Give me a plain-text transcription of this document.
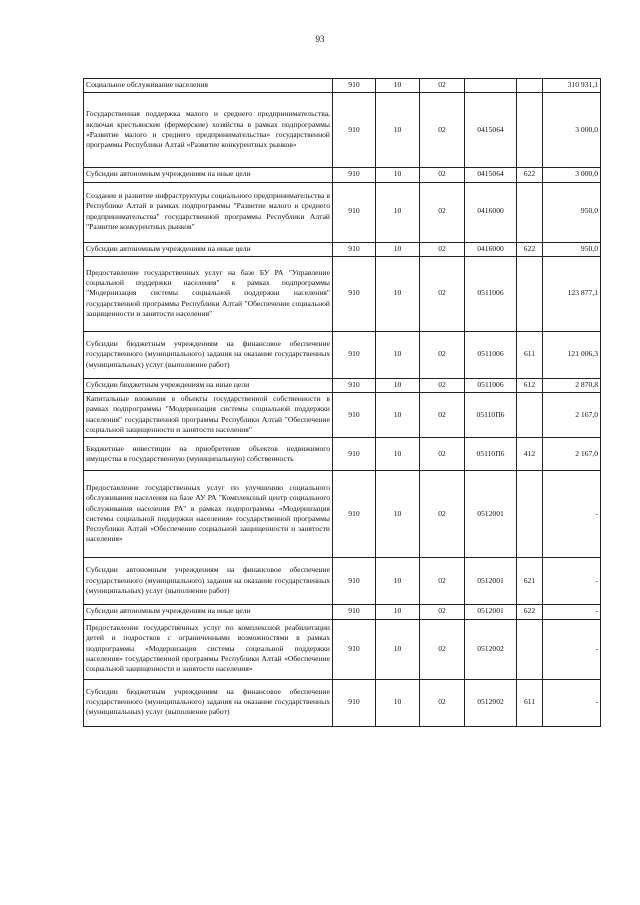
93
Социальное обслуживание населения	910	10	02			310 931,1
Государственная поддержка малого и среднего предпринимательства, включая крестьянские (фермерские) хозяйства в рамках подпрограммы «Развитие малого и среднего предпринимательства» государственной программы Республики Алтай «Развитие конкурентных рынков»	910	10	02	0415064		3 000,0
Субсидии автономным учреждениям на иные цели	910	10	02	0415064	622	3 000,0
Создание и развитие инфраструктуры социального предпринимательства в Республике Алтай в рамках подпрограммы "Развитие малого и среднего предпринимательства" государственной программы Республики Алтай "Развитие конкурентных рынков"	910	10	02	0416000		950,0
Субсидии автономным учреждениям на иные цели	910	10	02	0416000	622	950,0
Предоставление государственных услуг на базе БУ РА "Управление социальной поддержки населения" в рамках подпрограммы "Модернизация системы социальной поддержки населения" государственной программы Республики Алтай "Обеспечение социальной защищенности и занятости населения"	910	10	02	0511006		123 877,1
Субсидии бюджетным учреждениям на финансовое обеспечение государственного (муниципального) задания на оказание государственных (муниципальных) услуг (выполнение работ)	910	10	02	0511006	611	121 006,3
Субсидии бюджетным учреждениям на иные цели	910	10	02	0511006	612	2 870,8
Капитальные вложения в объекты государственной собственности в рамках подпрограммы "Модернизация системы социальной поддержки населения" государственной программы Республики Алтай "Обеспечение социальной защищенности и занятости населения"	910	10	02	05110П6		2 167,0
Бюджетные инвестиции на приобретение объектов недвижимого имущества в государственную (муниципальную) собственность	910	10	02	05110П6	412	2 167,0
Предоставление государственных услуг по улучшению социального обслуживания населения на базе АУ РА "Комплексный центр социального обслуживания населения РА" в рамках подпрограммы «Модернизация системы социальной поддержки населения» государственной программы Республики Алтай «Обеспечение социальной защищенности и занятости населения»	910	10	02	0512001		-
Субсидии автономным учреждениям на финансовое обеспечение государственного (муниципального) задания на оказание государственных (муниципальных) услуг (выполнение работ)	910	10	02	0512001	621	-
Субсидии автономным учреждениям на иные цели	910	10	02	0512001	622	-
Предоставление государственных услуг по комплексной реабилитации детей и подростков с ограниченными возможностями в рамках подпрограммы «Модернизация системы социальной поддержки населения» государственной программы Республики Алтай «Обеспечение социальной защищенности и занятости населения»	910	10	02	0512002		-
Субсидии бюджетным учреждениям на финансовое обеспечение государственного (муниципального) задания на оказание государственных (муниципальных) услуг (выполнение работ)	910	10	02	0512002	611	-
